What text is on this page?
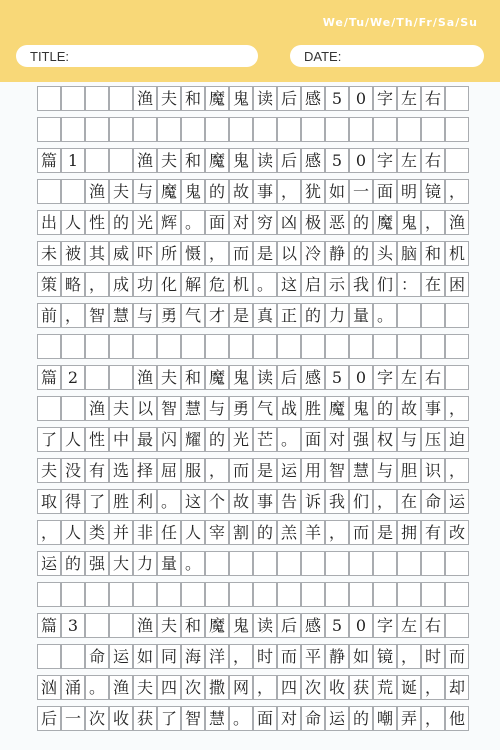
We/Tu/We/Th/Fr/Sa/Su
TITLE:	DATE:
渔 夫 和 魔 鬼 读 后 感 5 0 字 左 右
篇 1	渔 夫 和 魔 鬼 读 后 感 5 0 字 左 右
渔 夫 与 魔 鬼 的 故 事 ， 犹 如 一 面 明 镜 ，
出 人 性 的 光 辉 。 面 对 穷 凶 极 恶 的 魔 鬼 ， 渔
未 被 其 威 吓 所 慑 ， 而 是 以 冷 静 的 头 脑 和 机
策 略 ， 成 功 化 解 危 机 。 这 启 示 我 们 ： 在 困
前 ， 智 慧 与 勇 气 才 是 真 正 的 力 量 。
篇 2	渔 夫 和 魔 鬼 读 后 感 5 0 字 左 右
渔 夫 以 智 慧 与 勇 气 战 胜 魔 鬼 的 故 事 ，
了 人 性 中 最 闪 耀 的 光 芒 。 面 对 强 权 与 压 迫
夫 没 有 选 择 屈 服 ， 而 是 运 用 智 慧 与 胆 识 ，
取 得 了 胜 利 。 这 个 故 事 告 诉 我 们 ， 在 命 运
， 人 类 并 非 任 人 宰 割 的 羔 羊 ， 而 是 拥 有 改
运 的 强 大 力 量 。
篇 3	渔 夫 和 魔 鬼 读 后 感 5 0 字 左 右
命 运 如 同 海 洋 ， 时 而 平 静 如 镜 ， 时 而
汹 涌 。 渔 夫 四 次 撒 网 ， 四 次 收 获 荒 诞 ， 却
后 一 次 收 获 了 智 慧 。 面 对 命 运 的 嘲 弄 ， 他
